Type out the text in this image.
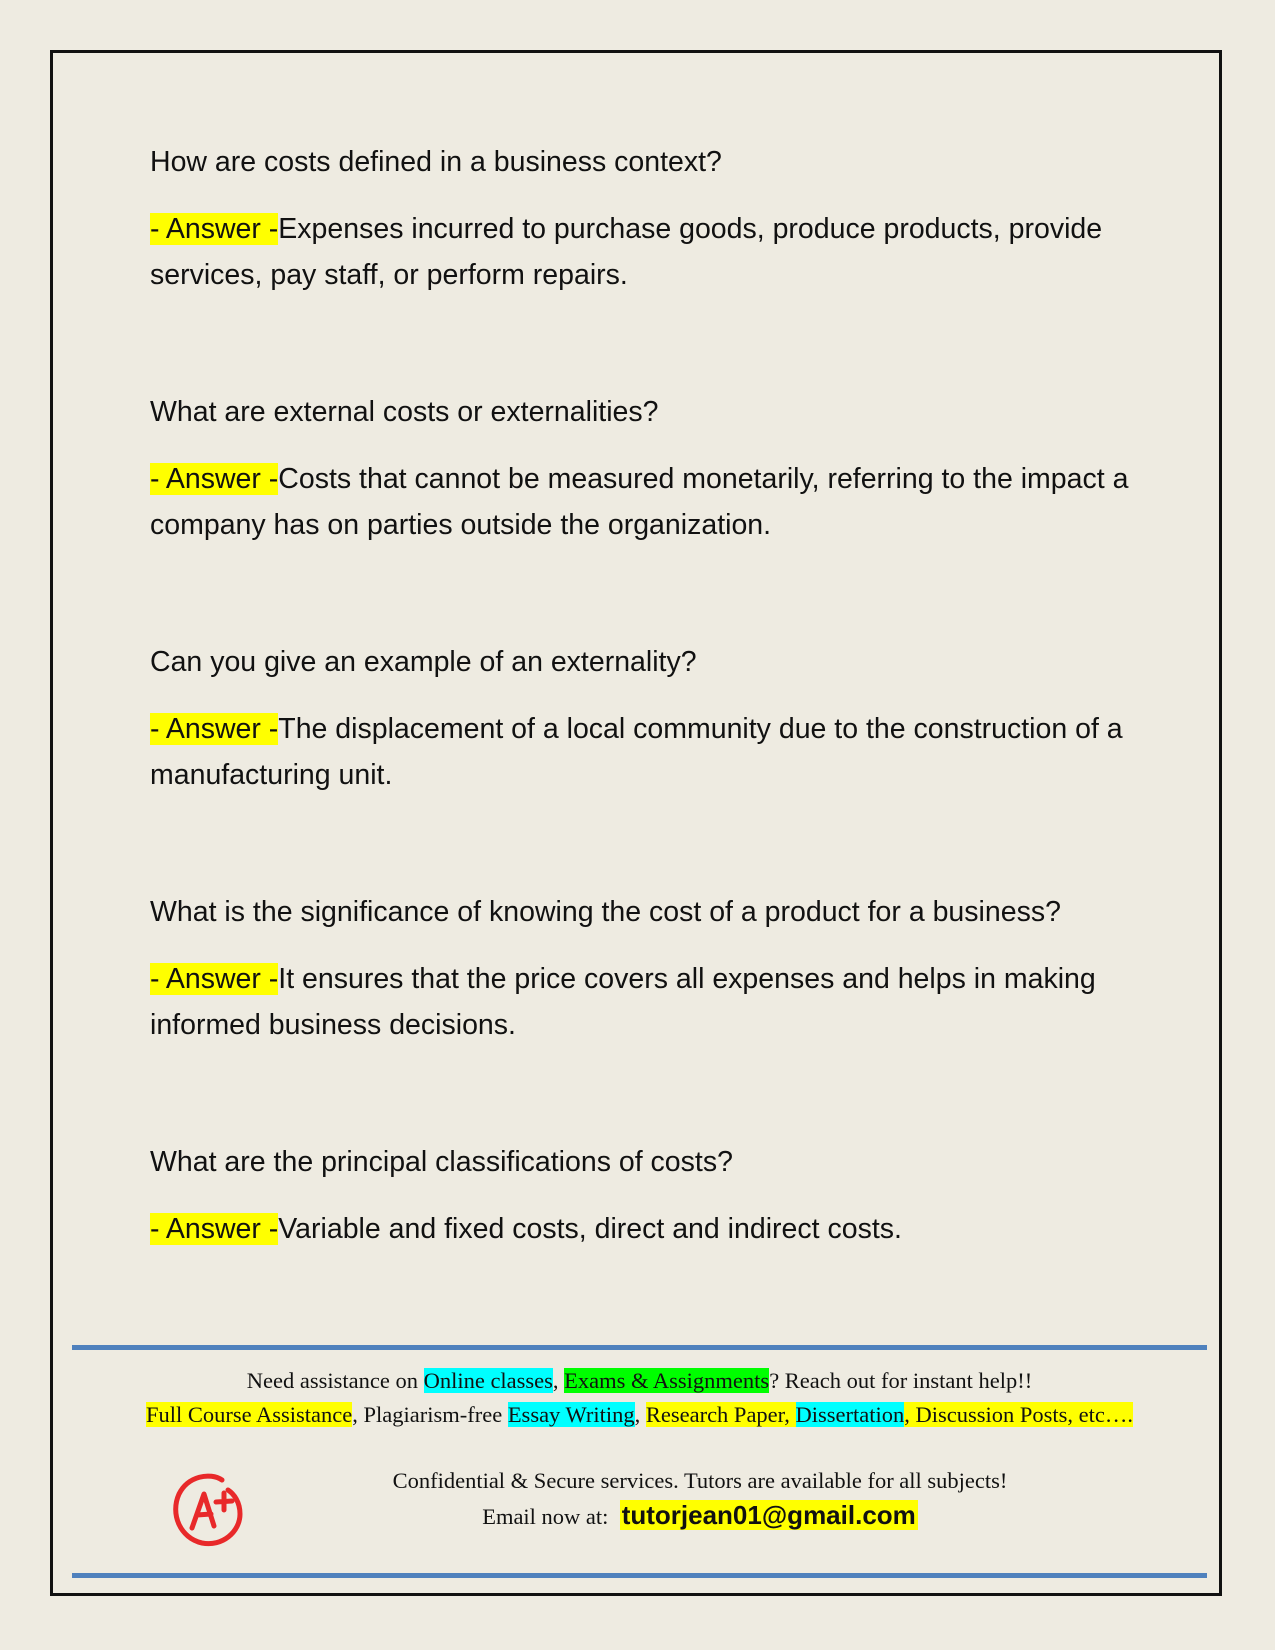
How are costs defined in a business context?

- Answer -Expenses incurred to purchase goods, produce products, provide services, pay staff, or perform repairs.

What are external costs or externalities?

- Answer -Costs that cannot be measured monetarily, referring to the impact a company has on parties outside the organization.

Can you give an example of an externality?

- Answer -The displacement of a local community due to the construction of a manufacturing unit.

What is the significance of knowing the cost of a product for a business?

- Answer -It ensures that the price covers all expenses and helps in making informed business decisions.

What are the principal classifications of costs?

- Answer -Variable and fixed costs, direct and indirect costs.

Need assistance on Online classes, Exams & Assignments? Reach out for instant help!!
Full Course Assistance, Plagiarism-free Essay Writing, Research Paper, Dissertation, Discussion Posts, etc….
Confidential & Secure services. Tutors are available for all subjects!
Email now at: tutorjean01@gmail.com
